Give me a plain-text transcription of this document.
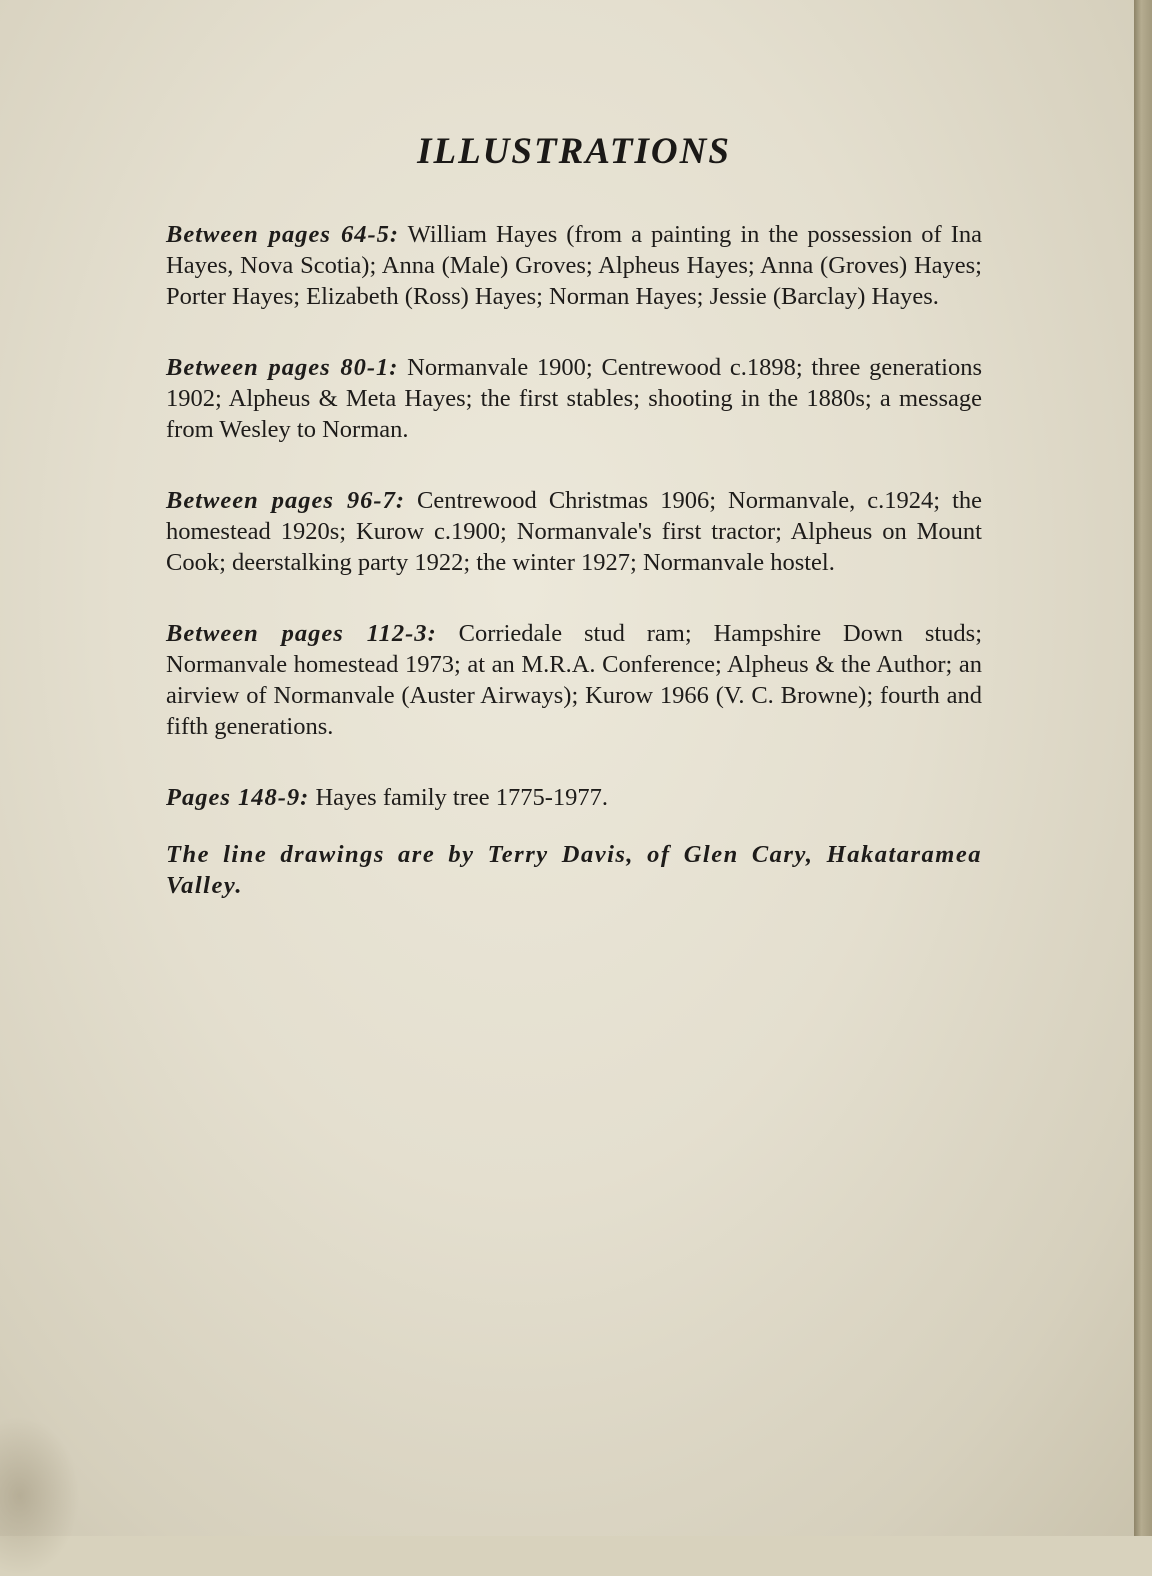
ILLUSTRATIONS

Between pages 64-5: William Hayes (from a painting in the possession of Ina Hayes, Nova Scotia); Anna (Male) Groves; Alpheus Hayes; Anna (Groves) Hayes; Porter Hayes; Elizabeth (Ross) Hayes; Norman Hayes; Jessie (Barclay) Hayes.

Between pages 80-1: Normanvale 1900; Centrewood c.1898; three generations 1902; Alpheus & Meta Hayes; the first stables; shooting in the 1880s; a message from Wesley to Norman.

Between pages 96-7: Centrewood Christmas 1906; Normanvale, c.1924; the homestead 1920s; Kurow c.1900; Normanvale's first tractor; Alpheus on Mount Cook; deerstalking party 1922; the winter 1927; Normanvale hostel.

Between pages 112-3: Corriedale stud ram; Hampshire Down studs; Normanvale homestead 1973; at an M.R.A. Conference; Alpheus & the Author; an airview of Normanvale (Auster Airways); Kurow 1966 (V. C. Browne); fourth and fifth generations.

Pages 148-9: Hayes family tree 1775-1977.

The line drawings are by Terry Davis, of Glen Cary, Hakataramea Valley.
